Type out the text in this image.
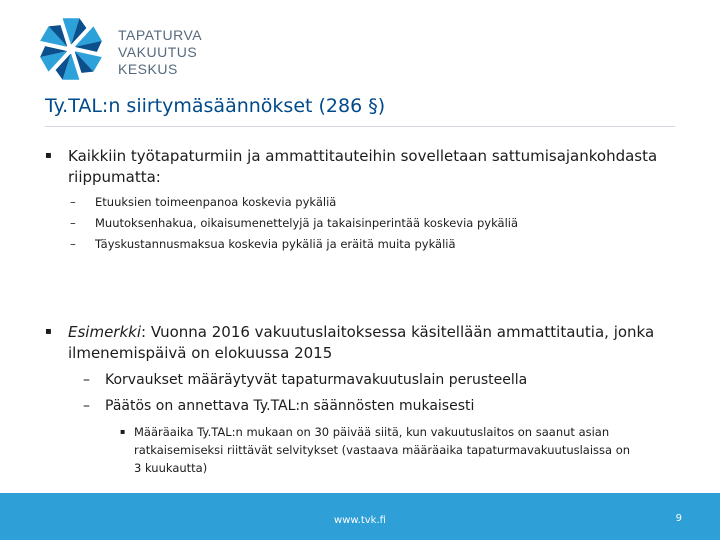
TAPATURVA
VAKUUTUS
KESKUS
Ty.TAL:n siirtymäsäännökset (286 §)
▪ Kaikkiin työtapaturmiin ja ammattitauteihin sovelletaan sattumisajankohdasta riippumatta:
– Etuuksien toimeenpanoa koskevia pykäliä
– Muutoksenhakua, oikaisumenettelyjä ja takaisinperintää koskevia pykäliä
– Täyskustannusmaksua koskevia pykäliä ja eräitä muita pykäliä
▪ Esimerkki: Vuonna 2016 vakuutuslaitoksessa käsitellään ammattitautia, jonka ilmenemispäivä on elokuussa 2015
– Korvaukset määräytyvät tapaturmavakuutuslain perusteella
– Päätös on annettava Ty.TAL:n säännösten mukaisesti
▪ Määräaika Ty.TAL:n mukaan on 30 päivää siitä, kun vakuutuslaitos on saanut asian ratkaisemiseksi riittävät selvitykset (vastaava määräaika tapaturmavakuutuslaissa on 3 kuukautta)
www.tvk.fi	9
